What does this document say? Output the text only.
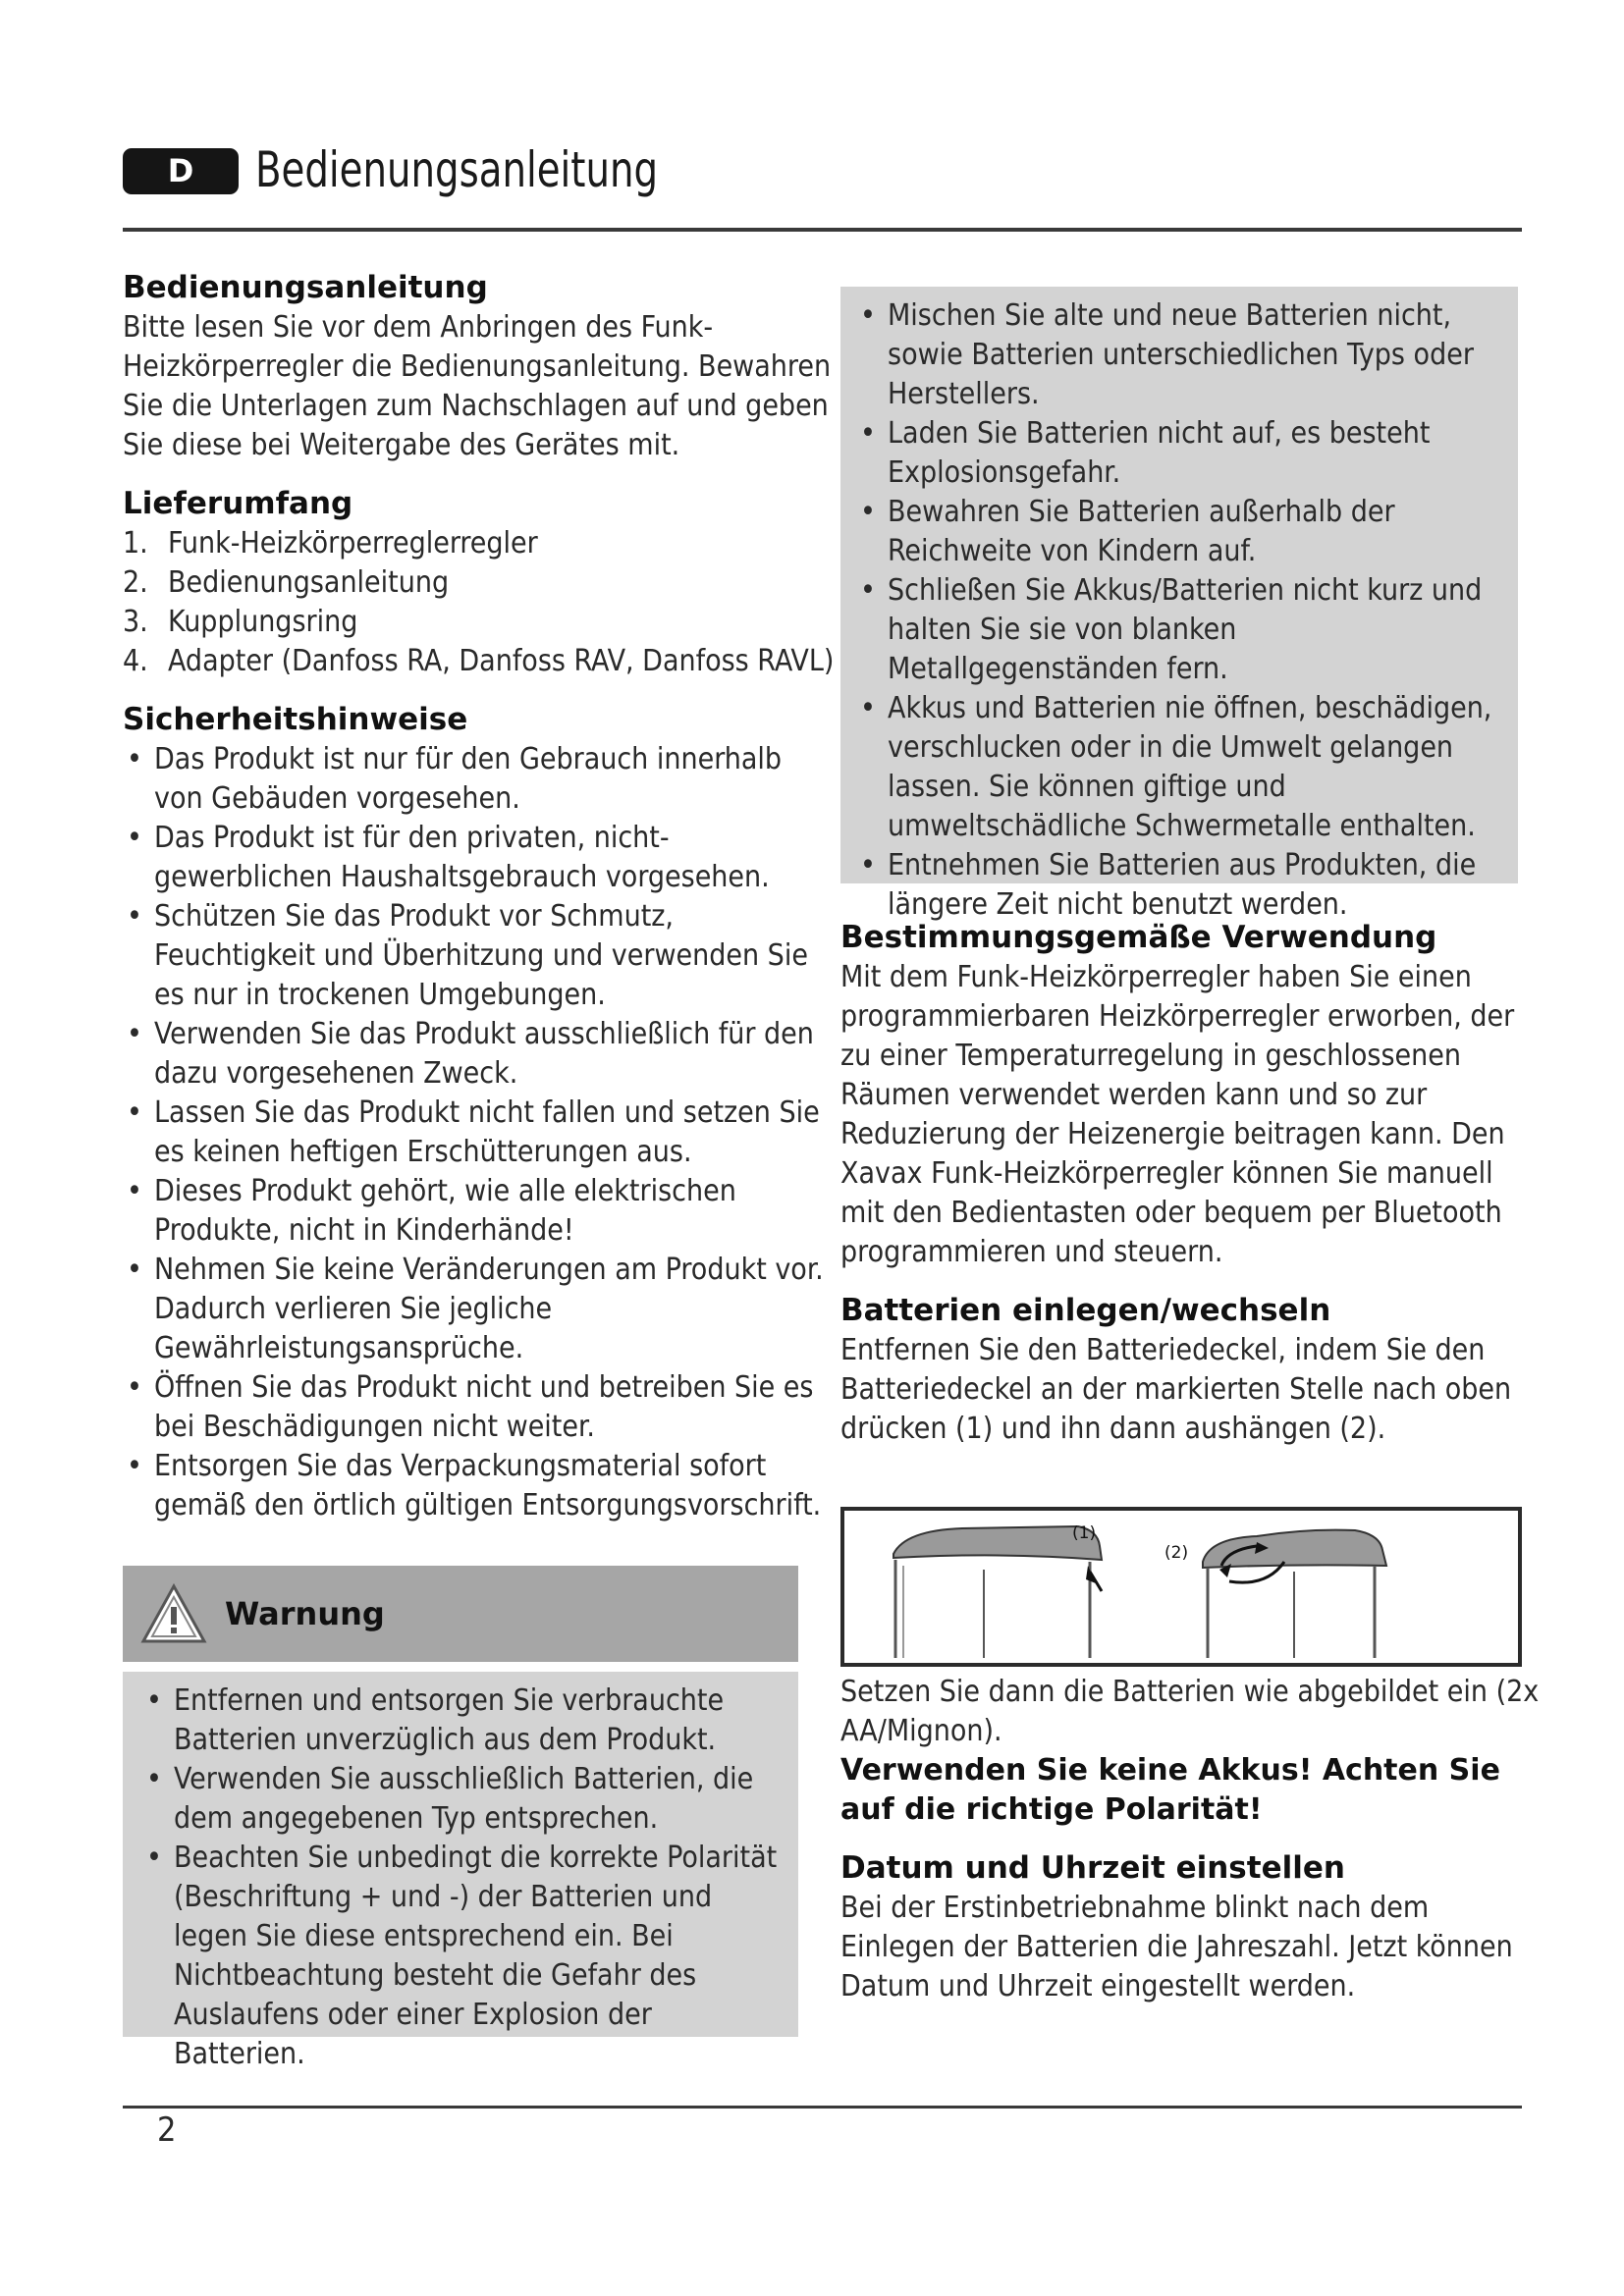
D	Bedienungsanleitung
Bedienungsanleitung

Bitte lesen Sie vor dem Anbringen des Funk-Heizkörperregler die Bedienungsanleitung. Bewahren Sie die Unterlagen zum Nachschlagen auf und geben Sie diese bei Weitergabe des Gerätes mit.

Lieferumfang
1. Funk-Heizkörperreglerregler
2. Bedienungsanleitung
3. Kupplungsring
4. Adapter (Danfoss RA, Danfoss RAV, Danfoss RAVL)
Sicherheitshinweise
• Das Produkt ist nur für den Gebrauch innerhalb von Gebäuden vorgesehen.
• Das Produkt ist für den privaten, nicht-gewerblichen Haushaltsgebrauch vorgesehen.
• Schützen Sie das Produkt vor Schmutz, Feuchtigkeit und Überhitzung und verwenden Sie es nur in trockenen Umgebungen.
• Verwenden Sie das Produkt ausschließlich für den dazu vorgesehenen Zweck.
• Lassen Sie das Produkt nicht fallen und setzen Sie es keinen heftigen Erschütterungen aus.
• Dieses Produkt gehört, wie alle elektrischen Produkte, nicht in Kinderhände!
• Nehmen Sie keine Veränderungen am Produkt vor. Dadurch verlieren Sie jegliche Gewährleistungsansprüche.
• Öffnen Sie das Produkt nicht und betreiben Sie es bei Beschädigungen nicht weiter.
• Entsorgen Sie das Verpackungsmaterial sofort gemäß den örtlich gültigen Entsorgungsvorschrift.
Warnung
• Entfernen und entsorgen Sie verbrauchte Batterien unverzüglich aus dem Produkt.
• Verwenden Sie ausschließlich Batterien, die dem angegebenen Typ entsprechen.
• Beachten Sie unbedingt die korrekte Polarität (Beschriftung + und -) der Batterien und legen Sie diese entsprechend ein. Bei Nichtbeachtung besteht die Gefahr des Auslaufens oder einer Explosion der Batterien.
• Mischen Sie alte und neue Batterien nicht, sowie Batterien unterschiedlichen Typs oder Herstellers.
• Laden Sie Batterien nicht auf, es besteht Explosionsgefahr.
• Bewahren Sie Batterien außerhalb der Reichweite von Kindern auf.
• Schließen Sie Akkus/Batterien nicht kurz und halten Sie sie von blanken Metallgegenständen fern.
• Akkus und Batterien nie öffnen, beschädigen, verschlucken oder in die Umwelt gelangen lassen. Sie können giftige und umweltschädliche Schwermetalle enthalten.
• Entnehmen Sie Batterien aus Produkten, die längere Zeit nicht benutzt werden.
Bestimmungsgemäße Verwendung

Mit dem Funk-Heizkörperregler haben Sie einen programmierbaren Heizkörperregler erworben, der zu einer Temperaturregelung in geschlossenen Räumen verwendet werden kann und so zur Reduzierung der Heizenergie beitragen kann. Den Xavax Funk-Heizkörperregler können Sie manuell mit den Bedientasten oder bequem per Bluetooth programmieren und steuern.

Batterien einlegen/wechseln

Entfernen Sie den Batteriedeckel, indem Sie den Batteriedeckel an der markierten Stelle nach oben drücken (1) und ihn dann aushängen (2).

(1)
(2)

Setzen Sie dann die Batterien wie abgebildet ein (2x AA/Mignon).

Verwenden Sie keine Akkus! Achten Sie auf die richtige Polarität!

Datum und Uhrzeit einstellen

Bei der Erstinbetriebnahme blinkt nach dem Einlegen der Batterien die Jahreszahl. Jetzt können Datum und Uhrzeit eingestellt werden.

2
